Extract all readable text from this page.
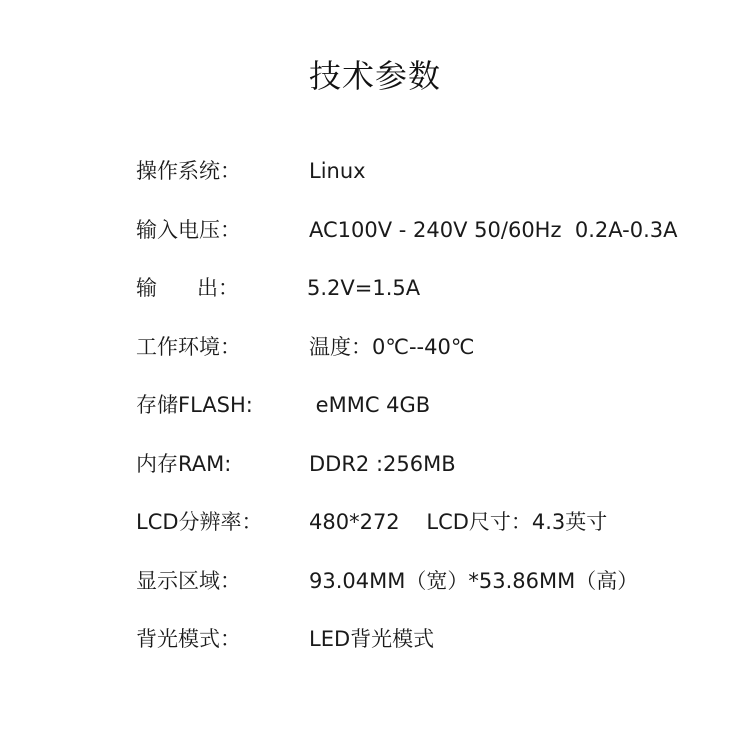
技术参数
操作系统：	Linux
输入电压：	AC100V - 240V 50/60Hz  0.2A-0.3A
输      出：	5.2V=1.5A
工作环境：	温度：0℃--40℃
存储FLASH:	eMMC 4GB
内存RAM:	DDR2 :256MB
LCD分辨率： 480*272    LCD尺寸：4.3英寸
显示区域：	93.04MM（宽）*53.86MM（高）
背光模式：	LED背光模式
